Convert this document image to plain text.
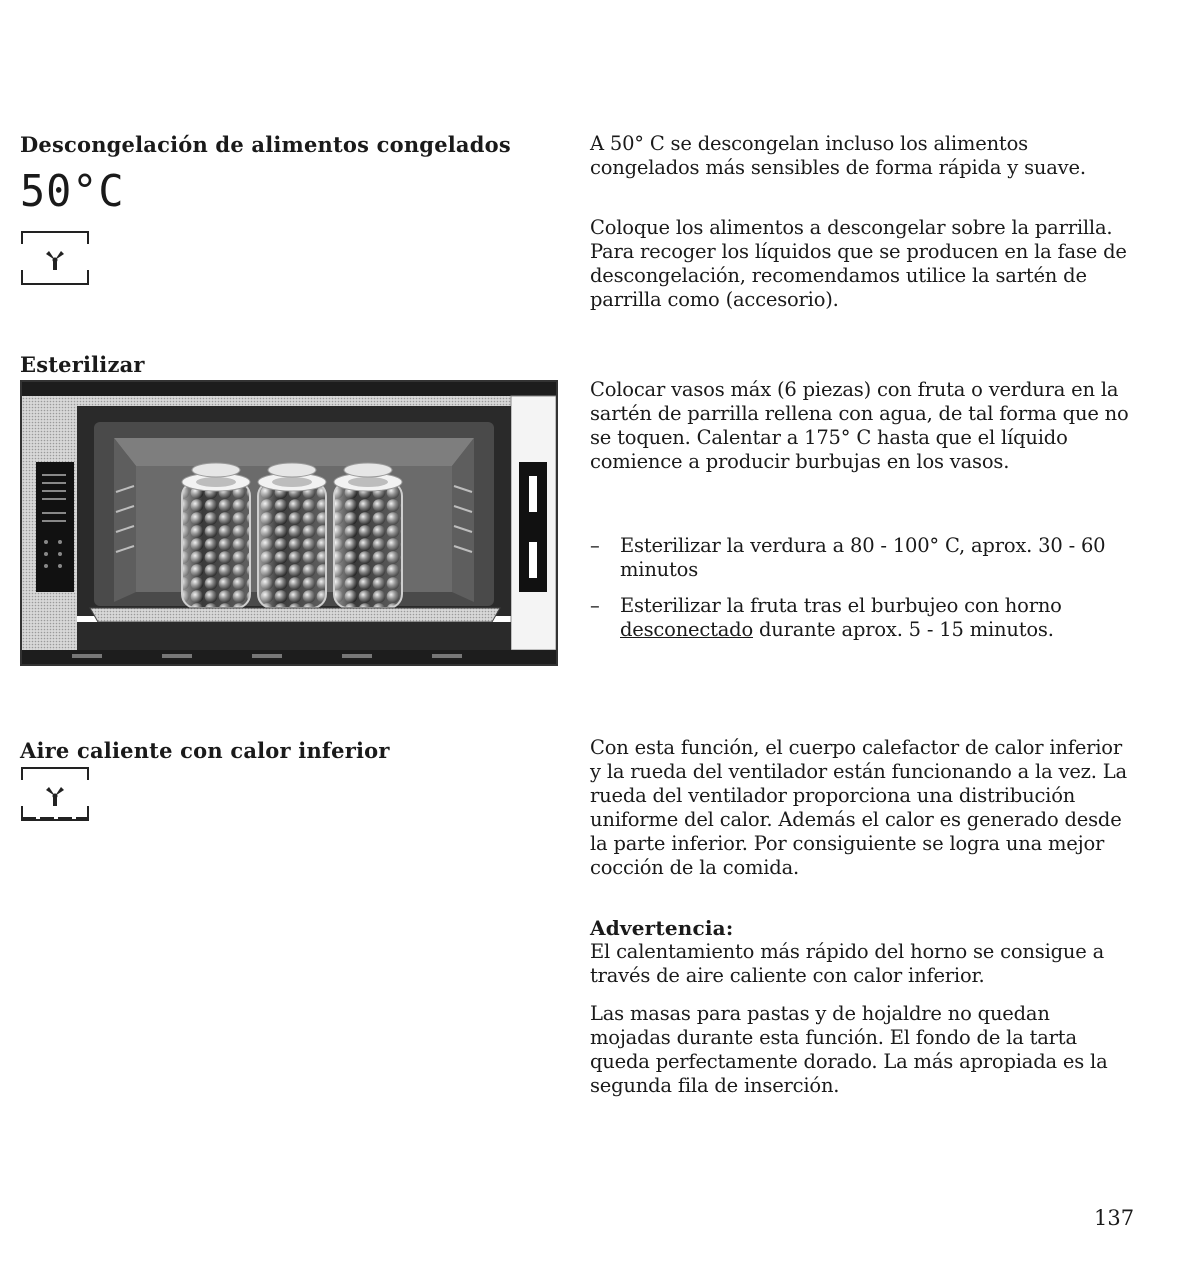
Descongelación de alimentos congelados
50°C
Esterilizar
Aire caliente con calor inferior

A 50° C se descongelan incluso los alimentos congelados más sensibles de forma rápida y suave.

Coloque los alimentos a descongelar sobre la parrilla. Para recoger los líquidos que se producen en la fase de descongelación, recomendamos utilice la sartén de parrilla como (accesorio).

Colocar vasos máx (6 piezas) con fruta o verdura en la sartén de parrilla rellena con agua, de tal forma que no se toquen. Calentar a 175° C hasta que el líquido comience a producir burbujas en los vasos.

–	Esterilizar la verdura a 80 - 100° C, aprox. 30 - 60 minutos
–	Esterilizar la fruta tras el burbujeo con horno desconectado durante aprox. 5 - 15 minutos.

Con esta función, el cuerpo calefactor de calor inferior y la rueda del ventilador están funcionando a la vez. La rueda del ventilador proporciona una distribución uniforme del calor. Además el calor es generado desde la parte inferior. Por consiguiente se logra una mejor cocción de la comida.

Advertencia:

El calentamiento más rápido del horno se consigue a través de aire caliente con calor inferior.

Las masas para pastas y de hojaldre no quedan mojadas durante esta función. El fondo de la tarta queda perfectamente dorado. La más apropiada es la segunda fila de inserción.

137
